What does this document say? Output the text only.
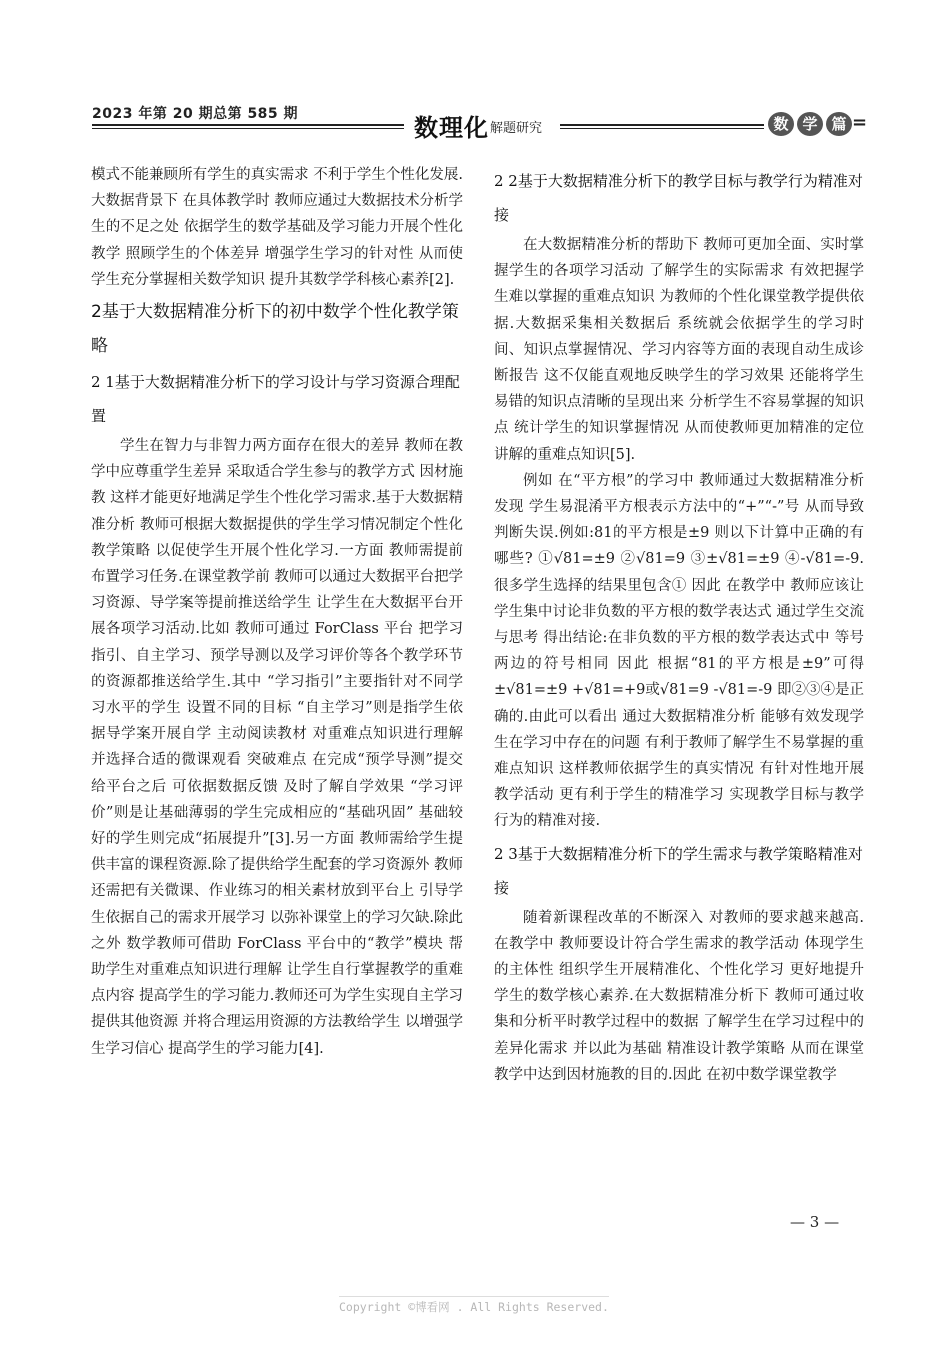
2023 年第 20 期总第 585 期	数理化 解题研究	数 学 篇 =

模式不能兼顾所有学生的真实需求 不利于学生个性化发展.大数据背景下 在具体教学时 教师应通过大数据技术分析学生的不足之处 依据学生的数学基础及学习能力开展个性化教学 照顾学生的个体差异 增强学生学习的针对性 从而使学生充分掌握相关数学知识 提升其数学学科核心素养[2].

2基于大数据精准分析下的初中数学个性化教学策略
2 1基于大数据精准分析下的学习设计与学习资源合理配置

学生在智力与非智力两方面存在很大的差异 教师在教学中应尊重学生差异 采取适合学生参与的教学方式 因材施教 这样才能更好地满足学生个性化学习需求.基于大数据精准分析 教师可根据大数据提供的学生学习情况制定个性化教学策略 以促使学生开展个性化学习.一方面 教师需提前布置学习任务.在课堂教学前 教师可以通过大数据平台把学习资源、导学案等提前推送给学生 让学生在大数据平台开展各项学习活动.比如 教师可通过 ForClass 平台 把学习指引、自主学习、预学导测以及学习评价等各个教学环节的资源都推送给学生.其中 “学习指引”主要指针对不同学习水平的学生 设置不同的目标 “自主学习”则是指学生依据导学案开展自学 主动阅读教材 对重难点知识进行理解 并选择合适的微课观看 突破难点 在完成“预学导测”提交给平台之后 可依据数据反馈 及时了解自学效果 “学习评价”则是让基础薄弱的学生完成相应的“基础巩固” 基础较好的学生则完成“拓展提升”[3].另一方面 教师需给学生提供丰富的课程资源.除了提供给学生配套的学习资源外 教师还需把有关微课、作业练习的相关素材放到平台上 引导学生依据自己的需求开展学习 以弥补课堂上的学习欠缺.除此之外 数学教师可借助 ForClass 平台中的“教学”模块 帮助学生对重难点知识进行理解 让学生自行掌握教学的重难点内容 提高学生的学习能力.教师还可为学生实现自主学习提供其他资源 并将合理运用资源的方法教给学生 以增强学生学习信心 提高学生的学习能力[4].

2 2基于大数据精准分析下的教学目标与教学行为精准对接

在大数据精准分析的帮助下 教师可更加全面、实时掌握学生的各项学习活动 了解学生的实际需求 有效把握学生难以掌握的重难点知识 为教师的个性化课堂教学提供依据.大数据采集相关数据后 系统就会依据学生的学习时间、知识点掌握情况、学习内容等方面的表现自动生成诊断报告 这不仅能直观地反映学生的学习效果 还能将学生易错的知识点清晰的呈现出来 分析学生不容易掌握的知识点 统计学生的知识掌握情况 从而使教师更加精准的定位讲解的重难点知识[5].

例如 在“平方根”的学习中 教师通过大数据精准分析发现 学生易混淆平方根表示方法中的“+”“-”号 从而导致判断失误.例如:81的平方根是±9 则以下计算中正确的有哪些? ①√81=±9 ②√81=9 ③±√81=±9 ④-√81=-9. 很多学生选择的结果里包含① 因此 在教学中 教师应该让学生集中讨论非负数的平方根的数学表达式 通过学生交流与思考 得出结论:在非负数的平方根的数学表达式中 等号两边的符号相同 因此 根据“81的平方根是±9”可得 ±√81=±9 +√81=+9或√81=9 -√81=-9 即②③④是正确的.由此可以看出 通过大数据精准分析 能够有效发现学生在学习中存在的问题 有利于教师了解学生不易掌握的重难点知识 这样教师依据学生的真实情况 有针对性地开展教学活动 更有利于学生的精准学习 实现教学目标与教学行为的精准对接.

2 3基于大数据精准分析下的学生需求与教学策略精准对接

随着新课程改革的不断深入 对教师的要求越来越高.在教学中 教师要设计符合学生需求的教学活动 体现学生的主体性 组织学生开展精准化、个性化学习 更好地提升学生的数学核心素养.在大数据精准分析下 教师可通过收集和分析平时教学过程中的数据 了解学生在学习过程中的差异化需求 并以此为基础 精准设计教学策略 从而在课堂教学中达到因材施教的目的.因此 在初中数学课堂教学

— 3 —
Copyright ©博看网 . All Rights Reserved.
